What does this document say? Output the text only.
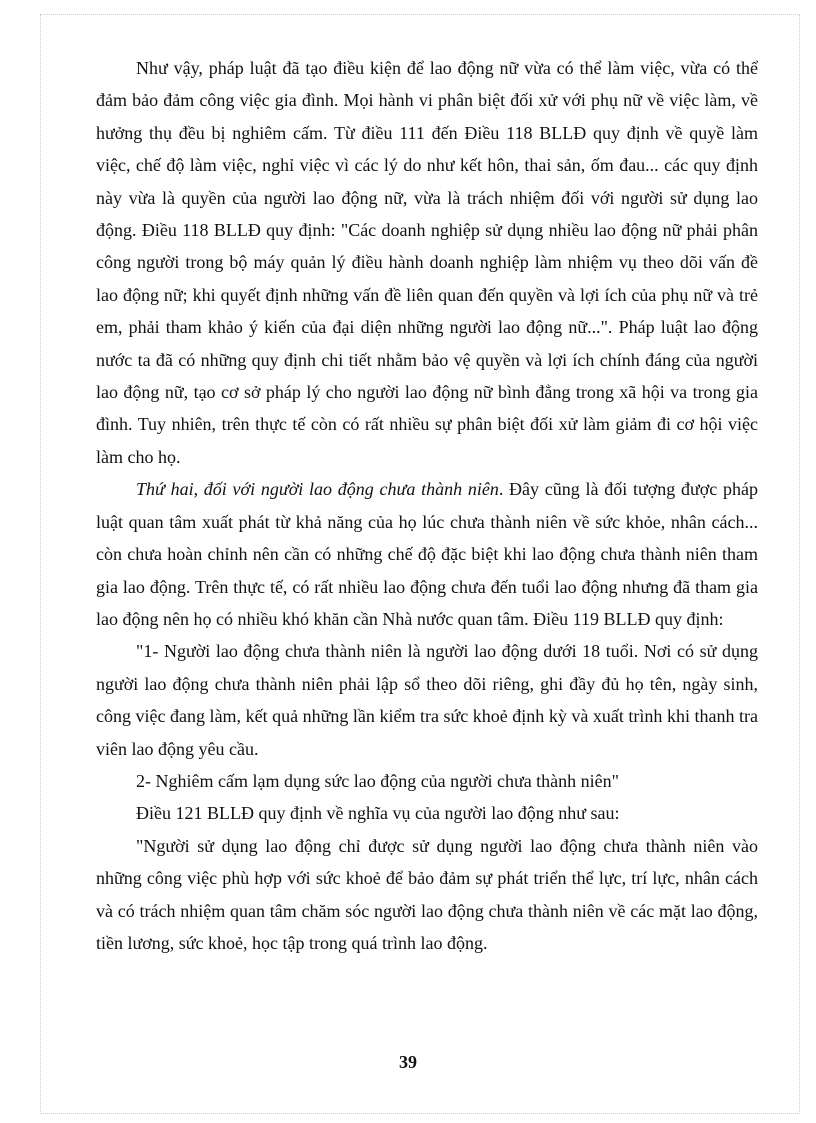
Như vậy, pháp luật đã tạo điều kiện để lao động nữ vừa có thể làm việc, vừa có thể đảm bảo đảm công việc gia đình. Mọi hành vi phân biệt đối xử với phụ nữ về việc làm, về hưởng thụ đều bị nghiêm cấm. Từ điều 111 đến Điều 118 BLLĐ quy định về quyề làm việc, chế độ làm việc, nghỉ việc vì các lý do như kết hôn, thai sản, ốm đau... các quy định này vừa là quyền của người lao động nữ, vừa là trách nhiệm đối với người sử dụng lao động. Điều 118 BLLĐ quy định: "Các doanh nghiệp sử dụng nhiều lao động nữ phải phân công người trong bộ máy quản lý điều hành doanh nghiệp làm nhiệm vụ theo dõi vấn đề lao động nữ; khi quyết định những vấn đề liên quan đến quyền và lợi ích của phụ nữ và trẻ em, phải tham khảo ý kiến của đại diện những người lao động nữ...". Pháp luật lao động nước ta đã có những quy định chi tiết nhằm bảo vệ quyền và lợi ích chính đáng của người lao động nữ, tạo cơ sở pháp lý cho người lao động nữ bình đẳng trong xã hội va trong gia đình. Tuy nhiên, trên thực tế còn có rất nhiều sự phân biệt đối xử làm giảm đi cơ hội việc làm cho họ.

Thứ hai, đối với người lao động chưa thành niên. Đây cũng là đối tượng được pháp luật quan tâm xuất phát từ khả năng của họ lúc chưa thành niên về sức khỏe, nhân cách... còn chưa hoàn chỉnh nên cần có những chế độ đặc biệt khi lao động chưa thành niên tham gia lao động. Trên thực tế, có rất nhiều lao động chưa đến tuổi lao động nhưng đã tham gia lao động nên họ có nhiều khó khăn cần Nhà nước quan tâm. Điều 119 BLLĐ quy định:

"1- Người lao động chưa thành niên là người lao động dưới 18 tuổi. Nơi có sử dụng người lao động chưa thành niên phải lập sổ theo dõi riêng, ghi đầy đủ họ tên, ngày sinh, công việc đang làm, kết quả những lần kiểm tra sức khoẻ định kỳ và xuất trình khi thanh tra viên lao động yêu cầu.

2- Nghiêm cấm lạm dụng sức lao động của người chưa thành niên"

Điều 121 BLLĐ quy định về nghĩa vụ của người lao động như sau:

"Người sử dụng lao động chỉ được sử dụng người lao động chưa thành niên vào những công việc phù hợp với sức khoẻ để bảo đảm sự phát triển thể lực, trí lực, nhân cách và có trách nhiệm quan tâm chăm sóc người lao động chưa thành niên về các mặt lao động, tiền lương, sức khoẻ, học tập trong quá trình lao động.

39
